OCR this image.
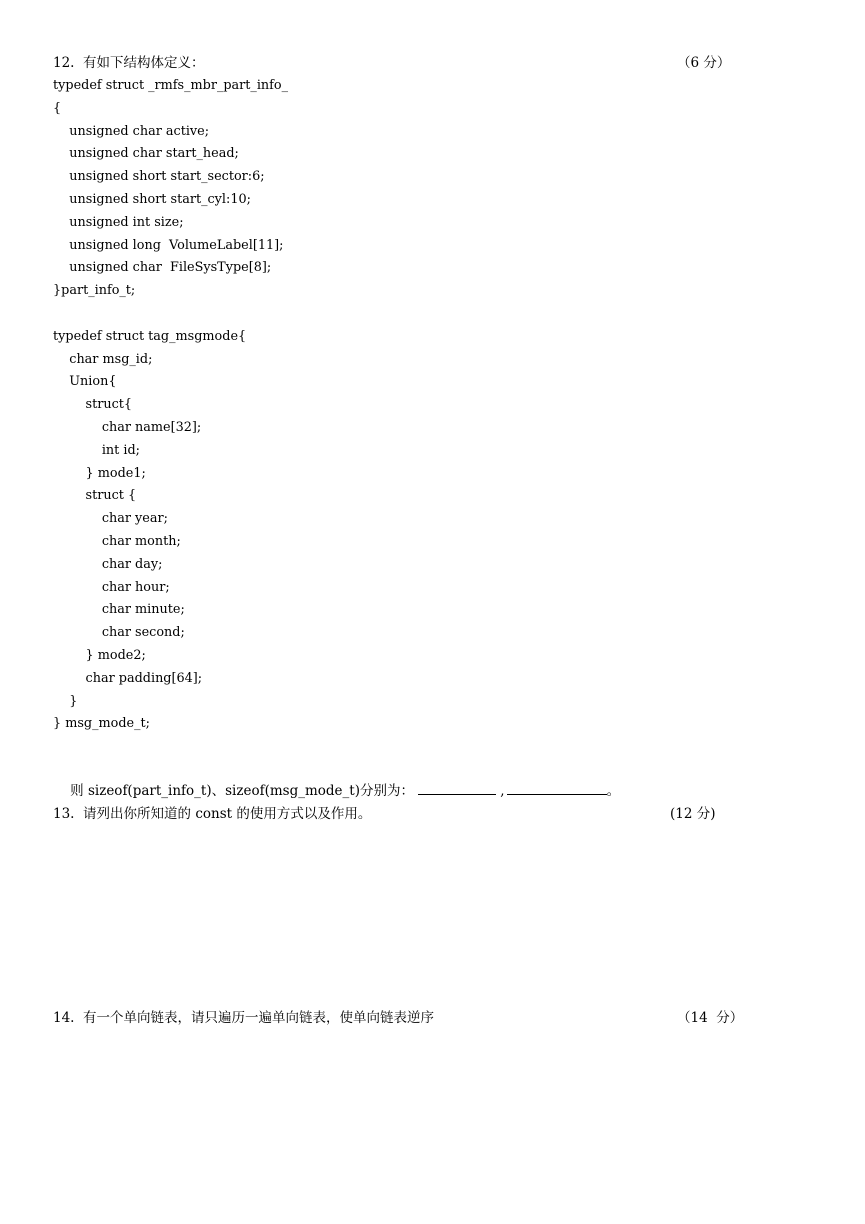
12.  有如下结构体定义：

	（6 分）

typedef struct _rmfs_mbr_part_info_
{
unsigned char active;
unsigned char start_head;
unsigned short start_sector:6;
unsigned short start_cyl:10;
unsigned int size;
unsigned long  VolumeLabel[11];
unsigned char  FileSysType[8];
}part_info_t;
typedef struct tag_msgmode{
char msg_id;
Union{
struct{
char name[32];
int id;
} mode1;
struct {
char year;
char month;
char day;
char hour;
char minute;
char second;
} mode2;
char padding[64];
}
} msg_mode_t;

则 sizeof(part_info_t)、sizeof(msg_mode_t)分别为：	,	。

13.  请列出你所知道的 const 的使用方式以及作用。

	(12 分)

14.  有一个单向链表，请只遍历一遍单向链表，使单向链表逆序

	（14  分）
